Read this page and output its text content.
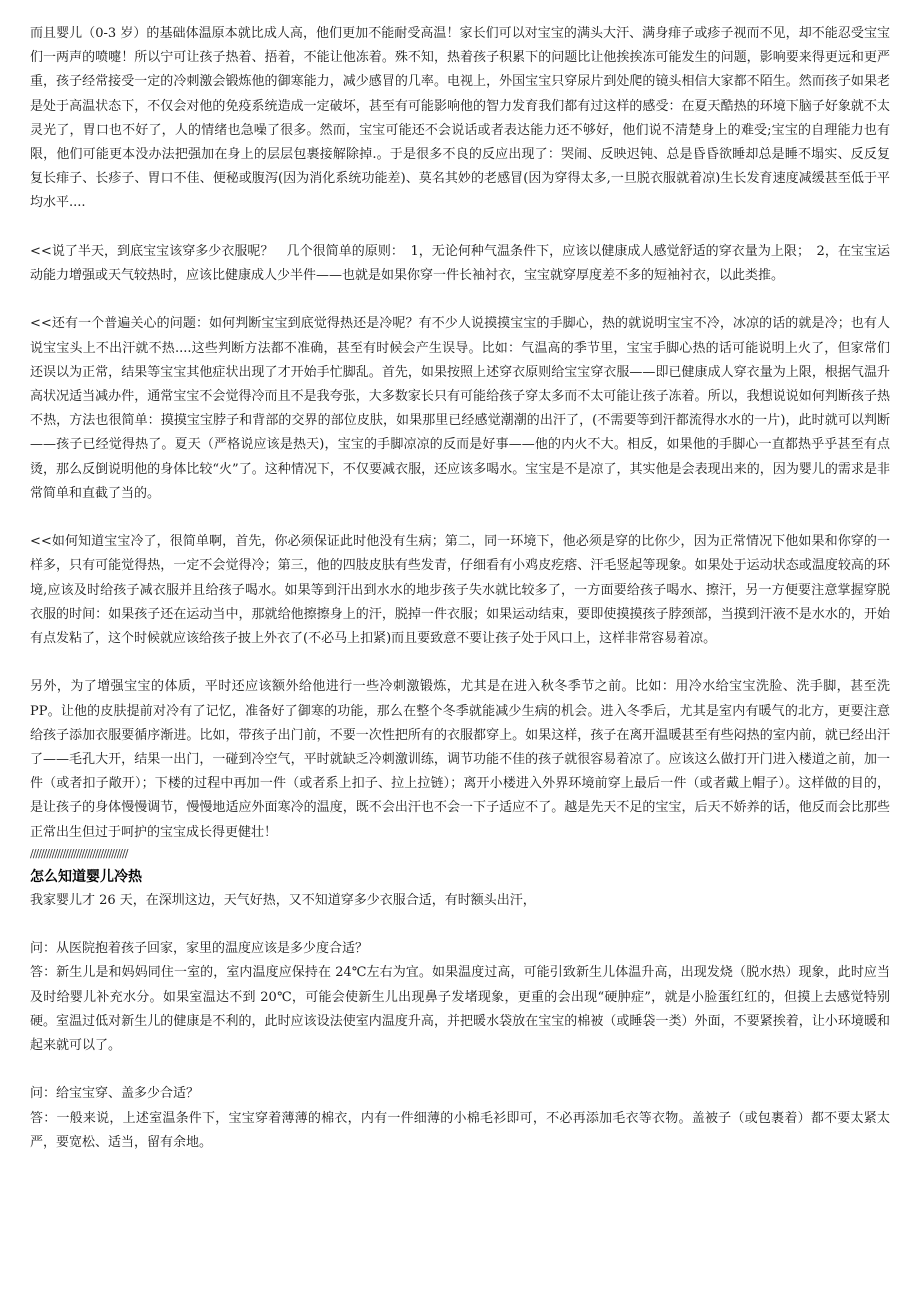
而且婴儿（0-3 岁）的基础体温原本就比成人高，他们更加不能耐受高温！家长们可以对宝宝的满头大汗、满身痱子或疹子视而不见，却不能忍受宝宝们一两声的喷嚏！所以宁可让孩子热着、捂着，不能让他冻着。殊不知，热着孩子积累下的问题比让他挨挨冻可能发生的问题，影响要来得更远和更严重，孩子经常接受一定的冷刺激会锻炼他的御寒能力，减少感冒的几率。电视上，外国宝宝只穿尿片到处爬的镜头相信大家都不陌生。然而孩子如果老是处于高温状态下，不仅会对他的免疫系统造成一定破坏，甚至有可能影响他的智力发育我们都有过这样的感受：在夏天酷热的环境下脑子好象就不太灵光了，胃口也不好了，人的情绪也急噪了很多。然而，宝宝可能还不会说话或者表达能力还不够好，他们说不清楚身上的难受;宝宝的自理能力也有限，他们可能更本没办法把强加在身上的层层包裹接解除掉.。于是很多不良的反应出现了：哭闹、反映迟钝、总是昏昏欲睡却总是睡不塌实、反反复复长痱子、长疹子、胃口不佳、便秘或腹泻(因为消化系统功能差)、莫名其妙的老感冒(因为穿得太多,一旦脱衣服就着凉)生长发育速度减缓甚至低于平均水平....

<<说了半天，到底宝宝该穿多少衣服呢？　几个很简单的原则：　1，无论何种气温条件下，应该以健康成人感觉舒适的穿衣量为上限；　2，在宝宝运动能力增强或天气较热时，应该比健康成人少半件——也就是如果你穿一件长袖衬衣，宝宝就穿厚度差不多的短袖衬衣，以此类推。

<<还有一个普遍关心的问题：如何判断宝宝到底觉得热还是冷呢？有不少人说摸摸宝宝的手脚心，热的就说明宝宝不冷，冰凉的话的就是冷；也有人说宝宝头上不出汗就不热....这些判断方法都不准确，甚至有时候会产生误导。比如：气温高的季节里，宝宝手脚心热的话可能说明上火了，但家常们还误以为正常，结果等宝宝其他症状出现了才开始手忙脚乱。首先，如果按照上述穿衣原则给宝宝穿衣服——即已健康成人穿衣量为上限，根据气温升高状况适当减办件，通常宝宝不会觉得冷而且不是我夸张，大多数家长只有可能给孩子穿太多而不太可能让孩子冻着。所以，我想说说如何判断孩子热不热，方法也很简单：摸摸宝宝脖子和背部的交界的部位皮肤，如果那里已经感觉潮潮的出汗了，(不需要等到汗都流得水水的一片)，此时就可以判断——孩子已经觉得热了。夏天（严格说应该是热天)，宝宝的手脚凉凉的反而是好事——他的内火不大。相反，如果他的手脚心一直都热乎乎甚至有点烫，那么反倒说明他的身体比较“火”了。这种情况下，不仅要减衣服，还应该多喝水。宝宝是不是凉了，其实他是会表现出来的，因为婴儿的需求是非常简单和直截了当的。

<<如何知道宝宝冷了，很简单啊，首先，你必须保证此时他没有生病；第二，同一环境下，他必须是穿的比你少，因为正常情况下他如果和你穿的一样多，只有可能觉得热，一定不会觉得冷；第三，他的四肢皮肤有些发青，仔细看有小鸡皮疙瘩、汗毛竖起等现象。如果处于运动状态或温度较高的环境,应该及时给孩子减衣服并且给孩子喝水。如果等到汗出到水水的地步孩子失水就比较多了，一方面要给孩子喝水、擦汗，另一方便要注意掌握穿脱衣服的时间：如果孩子还在运动当中，那就给他擦擦身上的汗，脱掉一件衣服；如果运动结束，要即使摸摸孩子脖颈部，当摸到汗液不是水水的，开始有点发粘了，这个时候就应该给孩子披上外衣了(不必马上扣紧)而且要致意不要让孩子处于风口上，这样非常容易着凉。

另外，为了增强宝宝的体质，平时还应该额外给他进行一些冷刺激锻炼，尤其是在进入秋冬季节之前。比如：用冷水给宝宝洗脸、洗手脚，甚至洗 PP。让他的皮肤提前对冷有了记忆，准备好了御寒的功能，那么在整个冬季就能减少生病的机会。进入冬季后，尤其是室内有暖气的北方，更要注意给孩子添加衣服要循序渐进。比如，带孩子出门前，不要一次性把所有的衣服都穿上。如果这样，孩子在离开温暖甚至有些闷热的室内前，就已经出汗了——毛孔大开，结果一出门，一碰到冷空气，平时就缺乏冷刺激训练，调节功能不佳的孩子就很容易着凉了。应该这么做打开门进入楼道之前，加一件（或者扣子敞开）；下楼的过程中再加一件（或者系上扣子、拉上拉链）；离开小楼进入外界环境前穿上最后一件（或者戴上帽子）。这样做的目的，是让孩子的身体慢慢调节，慢慢地适应外面寒冷的温度，既不会出汗也不会一下子适应不了。越是先天不足的宝宝，后天不娇养的话，他反而会比那些正常出生但过于呵护的宝宝成长得更健壮！

////////////////////////////////////

怎么知道婴儿冷热

我家婴儿才 26 天，在深圳这边，天气好热，又不知道穿多少衣服合适，有时额头出汗，

问：从医院抱着孩子回家，家里的温度应该是多少度合适？

答：新生儿是和妈妈同住一室的，室内温度应保持在 24℃左右为宜。如果温度过高，可能引致新生儿体温升高，出现发烧（脱水热）现象，此时应当及时给婴儿补充水分。如果室温达不到 20℃，可能会使新生儿出现鼻子发堵现象，更重的会出现“硬肿症”，就是小脸蛋红红的，但摸上去感觉特别硬。室温过低对新生儿的健康是不利的，此时应该设法使室内温度升高，并把暖水袋放在宝宝的棉被（或睡袋一类）外面，不要紧挨着，让小环境暖和起来就可以了。

问：给宝宝穿、盖多少合适？

答：一般来说，上述室温条件下，宝宝穿着薄薄的棉衣，内有一件细薄的小棉毛衫即可，不必再添加毛衣等衣物。盖被子（或包裹着）都不要太紧太严，要宽松、适当，留有余地。
